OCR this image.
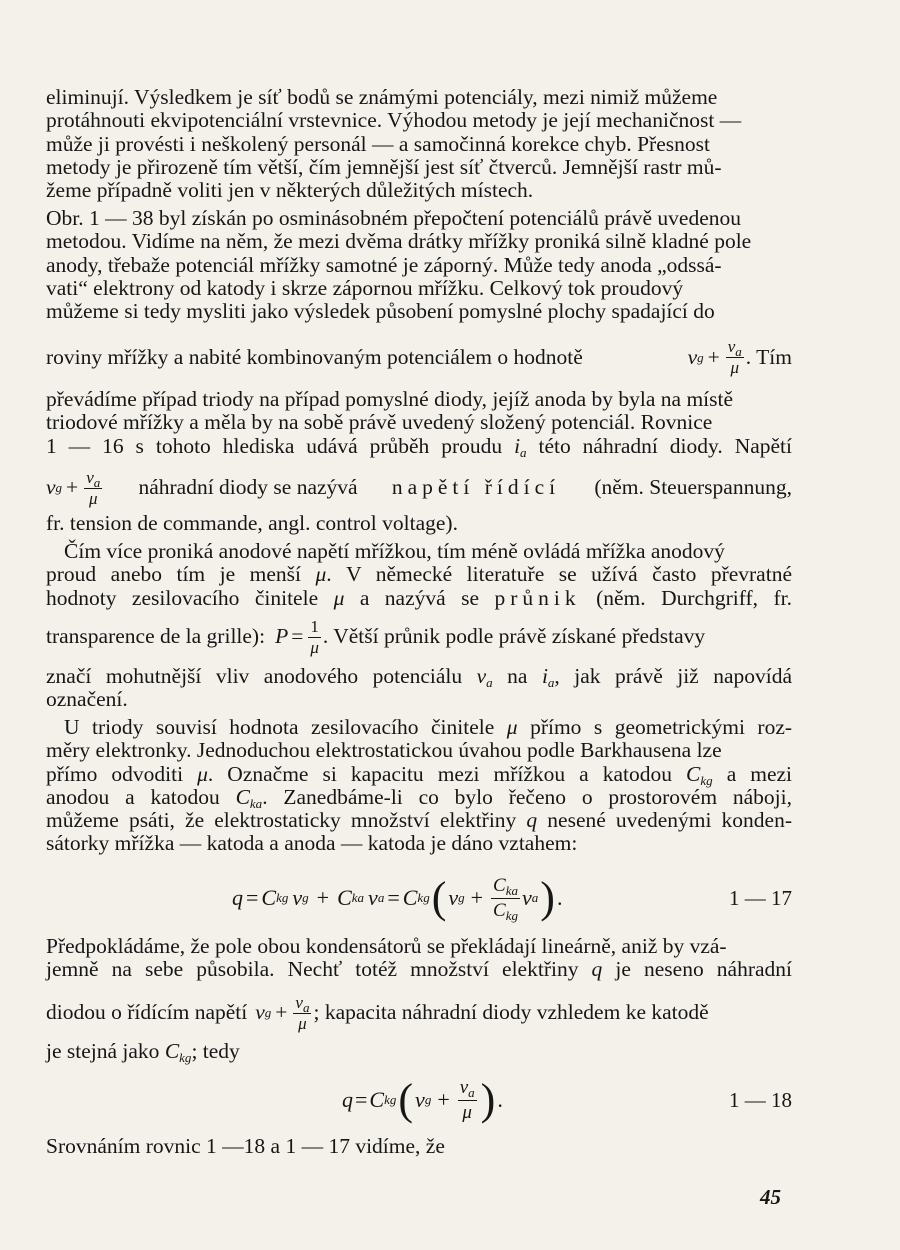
eliminují. Výsledkem je síť bodů se známými potenciály, mezi nimiž můžeme
protáhnouti ekvipotenciální vrstevnice. Výhodou metody je její mechaničnost —
může ji provésti i neškolený personál — a samočinná korekce chyb. Přesnost
metody je přirozeně tím větší, čím jemnější jest síť čtverců. Jemnější rastr mů-
žeme případně voliti jen v některých důležitých místech.

Obr. 1 — 38 byl získán po osminásobném přepočtení potenciálů právě uvedenou
metodou. Vidíme na něm, že mezi dvěma drátky mřížky proniká silně kladné pole
anody, třebaže potenciál mřížky samotné je záporný. Může tedy anoda „odssá-
vati“ elektrony od katody i skrze zápornou mřížku. Celkový tok proudový
můžeme si tedy mysliti jako výsledek působení pomyslné plochy spadající do

roviny mřížky a nabité kombinovaným potenciálem o hodnotě	v $g + \frac{v_a}{\mu}$ . Tím

převádíme případ triody na případ pomyslné diody, jejíž anoda by byla na místě
triodové mřížky a měla by na sobě právě uvedený složený potenciál. Rovnice
1 — 16 s tohoto hlediska udává průběh proudu $i_a$ této náhradní diody. Napětí

v $g + \frac{v_a}{\mu}$ náhradní diody se nazývá napětí řídící (něm. Steuerspannung,

fr. tension de commande, angl. control voltage).

Čím více proniká anodové napětí mřížkou, tím méně ovládá mřížka anodový
proud anebo tím je menší μ. V německé literatuře se užívá často převratné
hodnoty zesilovacího činitele μ a nazývá se průnik (něm. Durchgriff, fr.
transparence de la grille): $P = \frac{1}{\mu}$ . Větší průnik podle právě získané představy
značí mohutnější vliv anodového potenciálu $v_a$ na $i_a$, jak právě již napovídá
označení.
U triody souvisí hodnota zesilovacího činitele μ přímo s geometrickými roz-
měry elektronky. Jednoduchou elektrostatickou úvahou podle Barkhausena lze
přímo odvoditi μ. Označme si kapacitu mezi mřížkou a katodou $C_{kg}$ a mezi
anodou a katodou $C_{ka}$. Zanedbáme-li co bylo řečeno o prostorovém náboji,
můžeme psáti, že elektrostaticky množství elektřiny q nesené uvedenými konden-
sátorky mřížka — katoda a anoda — katoda je dáno vztahem:
q = C kg v g + C ka v a = C kg ( v $g + \frac{C_{ka}}{C_{kg}}$ v a ) .	1 — 17
Předpokládáme, že pole obou kondensátorů se překládají lineárně, aniž by vzá-
jemně na sebe působila. Nechť totéž množství elektřiny q je neseno náhradní
diodou o řídícím napětí v $g + \frac{v_a}{\mu}$ ; kapacita náhradní diody vzhledem ke katodě
je stejná jako $C_{kg}$; tedy
q = C kg ( v $g + \frac{v_a}{\mu}$ ) .	1 — 18

Srovnáním rovnic 1 —18 a 1 — 17 vidíme, že

45
